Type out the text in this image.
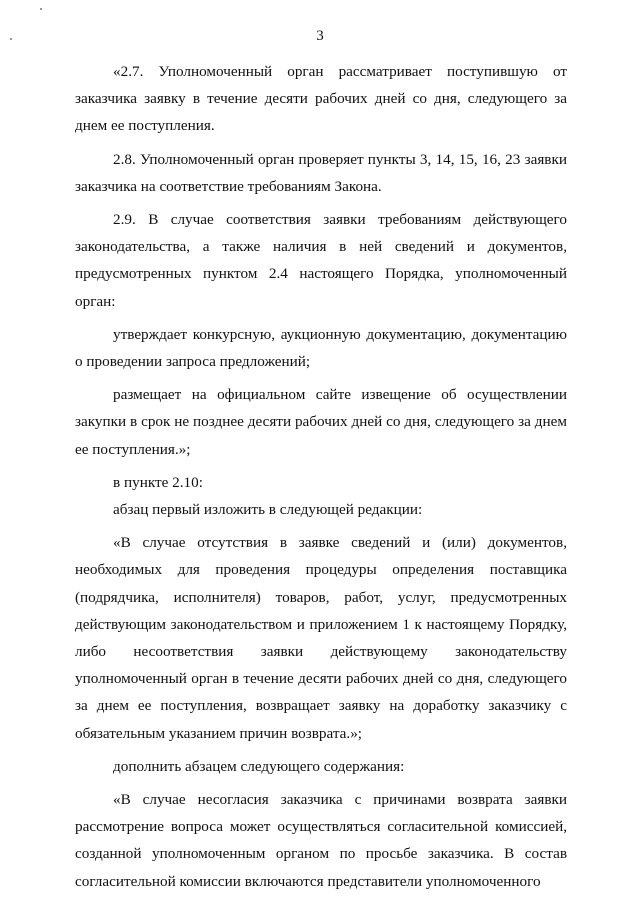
3

«2.7. Уполномоченный орган рассматривает поступившую от заказчика заявку в течение десяти рабочих дней со дня, следующего за днем ее поступления.

2.8. Уполномоченный орган проверяет пункты 3, 14, 15, 16, 23 заявки заказчика на соответствие требованиям Закона.

2.9. В случае соответствия заявки требованиям действующего законодательства, а также наличия в ней сведений и документов, предусмотренных пунктом 2.4 настоящего Порядка, уполномоченный орган:

утверждает конкурсную, аукционную документацию, документацию о проведении запроса предложений;

размещает на официальном сайте извещение об осуществлении закупки в срок не позднее десяти рабочих дней со дня, следующего за днем ее поступления.»;

в пункте 2.10:

абзац первый изложить в следующей редакции:

«В случае отсутствия в заявке сведений и (или) документов, необходимых для проведения процедуры определения поставщика (подрядчика, исполнителя) товаров, работ, услуг, предусмотренных действующим законодательством и приложением 1 к настоящему Порядку, либо несоответствия заявки действующему законодательству уполномоченный орган в течение десяти рабочих дней со дня, следующего за днем ее поступления, возвращает заявку на доработку заказчику с обязательным указанием причин возврата.»;

дополнить абзацем следующего содержания:

«В случае несогласия заказчика с причинами возврата заявки рассмотрение вопроса может осуществляться согласительной комиссией, созданной уполномоченным органом по просьбе заказчика. В состав согласительной комиссии включаются представители уполномоченного
